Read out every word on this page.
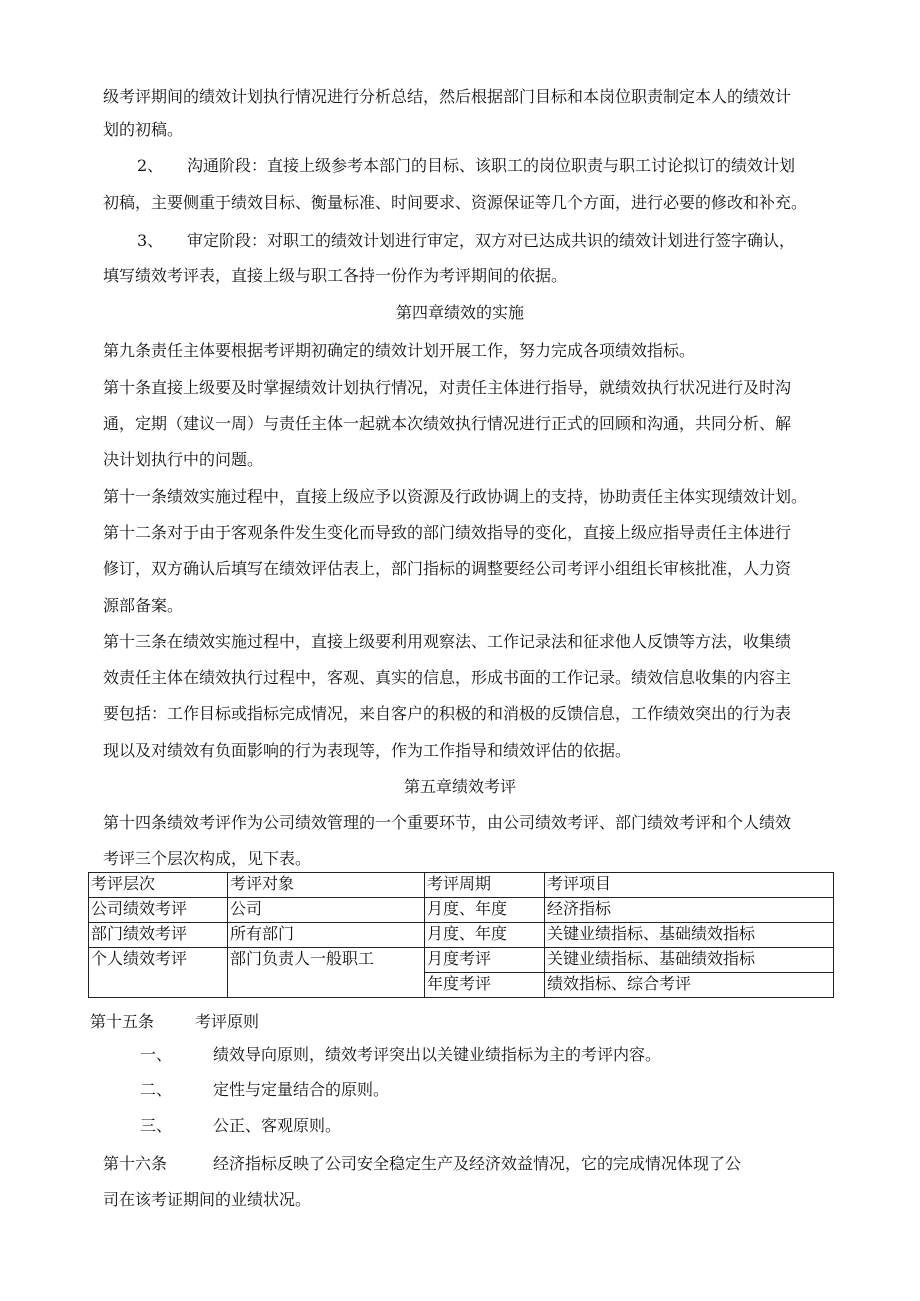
级考评期间的绩效计划执行情况进行分析总结，然后根据部门目标和本岗位职责制定本人的绩效计
划的初稿。
2、 沟通阶段：直接上级参考本部门的目标、该职工的岗位职责与职工讨论拟订的绩效计划
初稿，主要侧重于绩效目标、衡量标准、时间要求、资源保证等几个方面，进行必要的修改和补充。
3、 审定阶段：对职工的绩效计划进行审定，双方对已达成共识的绩效计划进行签字确认，
填写绩效考评表，直接上级与职工各持一份作为考评期间的依据。
第四章绩效的实施
第九条责任主体要根据考评期初确定的绩效计划开展工作，努力完成各项绩效指标。
第十条直接上级要及时掌握绩效计划执行情况，对责任主体进行指导，就绩效执行状况进行及时沟
通，定期（建议一周）与责任主体一起就本次绩效执行情况进行正式的回顾和沟通，共同分析、解
决计划执行中的问题。
第十一条绩效实施过程中，直接上级应予以资源及行政协调上的支持，协助责任主体实现绩效计划。
第十二条对于由于客观条件发生变化而导致的部门绩效指导的变化，直接上级应指导责任主体进行
修订，双方确认后填写在绩效评估表上，部门指标的调整要经公司考评小组组长审核批准，人力资
源部备案。
第十三条在绩效实施过程中，直接上级要利用观察法、工作记录法和征求他人反馈等方法，收集绩
效责任主体在绩效执行过程中，客观、真实的信息，形成书面的工作记录。绩效信息收集的内容主
要包括：工作目标或指标完成情况，来自客户的积极的和消极的反馈信息，工作绩效突出的行为表
现以及对绩效有负面影响的行为表现等，作为工作指导和绩效评估的依据。
第五章绩效考评
第十四条绩效考评作为公司绩效管理的一个重要环节，由公司绩效考评、部门绩效考评和个人绩效
考评三个层次构成，见下表。
考评层次	考评对象	考评周期	考评项目
公司绩效考评	公司	月度、年度	经济指标
部门绩效考评	所有部门	月度、年度	关键业绩指标、基础绩效指标
个人绩效考评	部门负责人一般职工	月度考评	关键业绩指标、基础绩效指标
		年度考评	绩效指标、综合考评
第十五条	考评原则
一、	绩效导向原则，绩效考评突出以关键业绩指标为主的考评内容。
二、	定性与定量结合的原则。
三、	公正、客观原则。
第十六条	经济指标反映了公司安全稳定生产及经济效益情况，它的完成情况体现了公
司在该考证期间的业绩状况。
